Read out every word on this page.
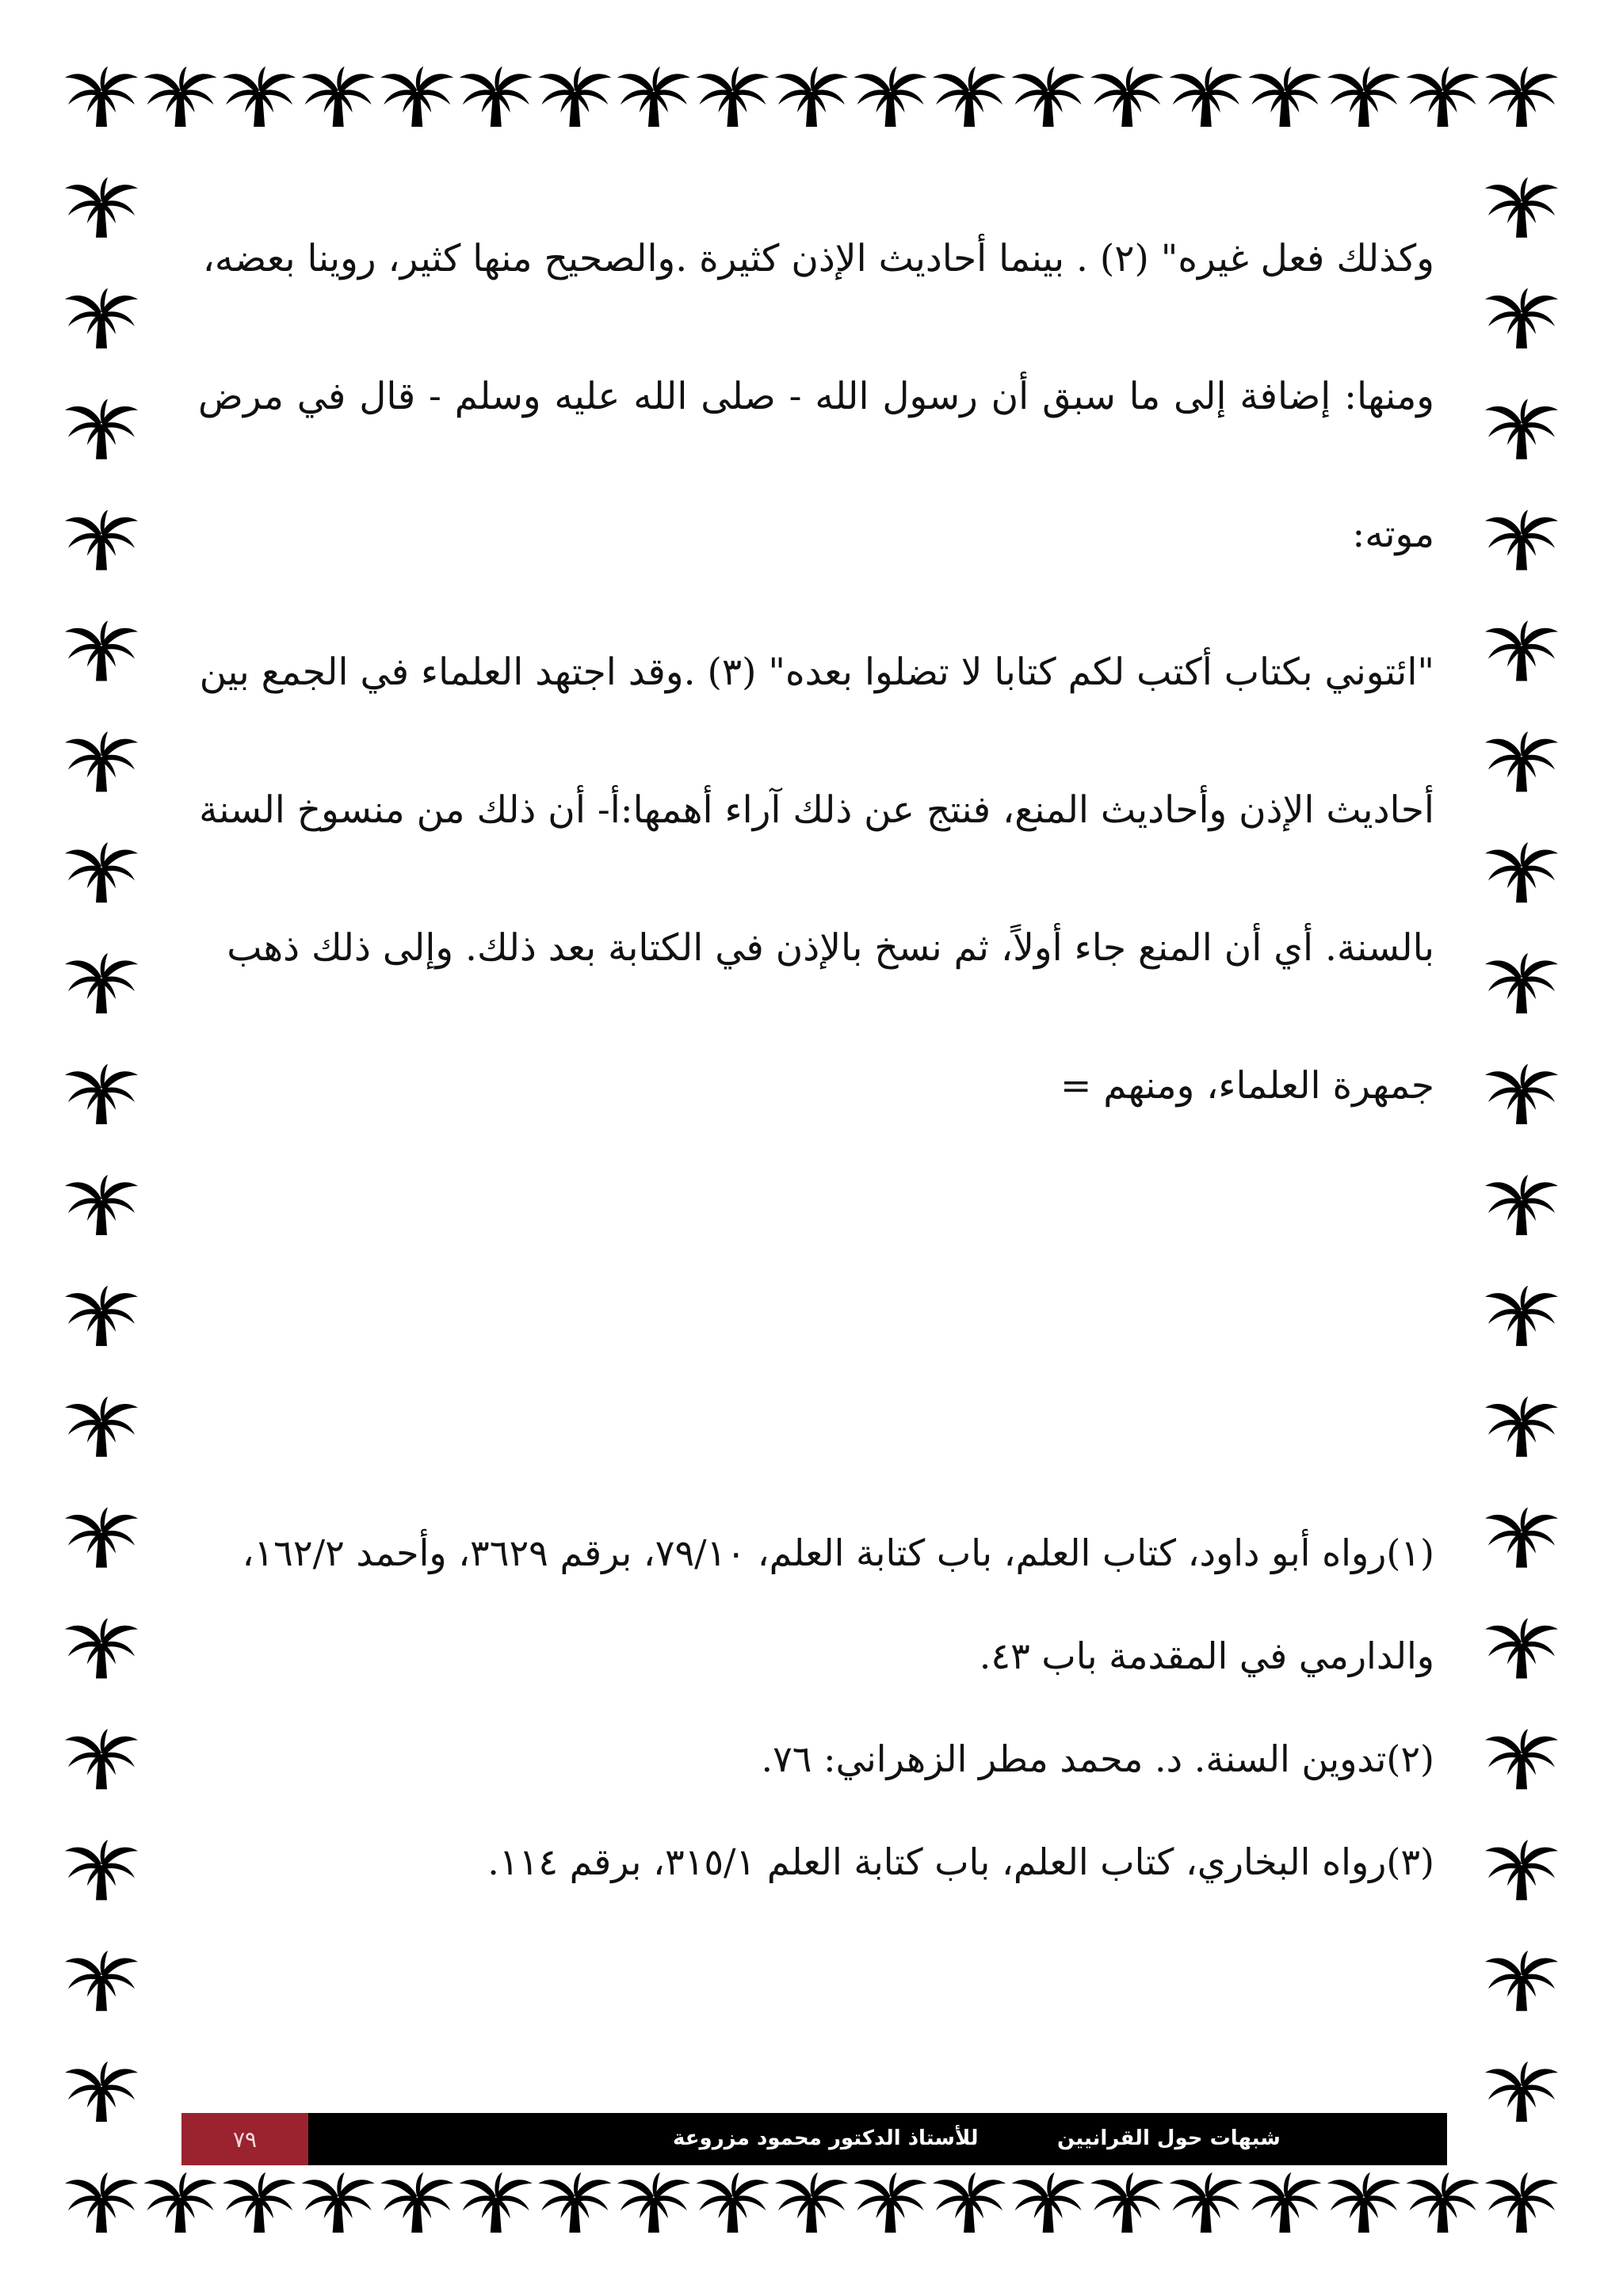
وكذلك فعل غيره" (٢) . بينما أحاديث الإذن كثيرة .والصحيح منها كثير، روينا بعضه،

ومنها: إضافة إلى ما سبق أن رسول الله - صلى الله عليه وسلم - قال في مرض موته:

"ائتوني بكتاب أكتب لكم كتابا لا تضلوا بعده" (٣) .وقد اجتهد العلماء في الجمع بين

أحاديث الإذن وأحاديث المنع، فنتج عن ذلك آراء أهمها:أ- أن ذلك من منسوخ السنة

بالسنة. أي أن المنع جاء أولاً، ثم نسخ بالإذن في الكتابة بعد ذلك. وإلى ذلك ذهب

جمهرة العلماء، ومنهم =

(١)رواه أبو داود، كتاب العلم، باب كتابة العلم، ٧٩/١٠، برقم ٣٦٢٩، وأحمد ١٦٢/٢،

والدارمي في المقدمة باب ٤٣.

(٢)تدوين السنة. د. محمد مطر الزهراني: ٧٦.

(٣)رواه البخاري، كتاب العلم، باب كتابة العلم ٣١٥/١، برقم ١١٤.

٧٩	للأستاذ الدكتور محمود مزروعة	شبهات حول القرانيين
